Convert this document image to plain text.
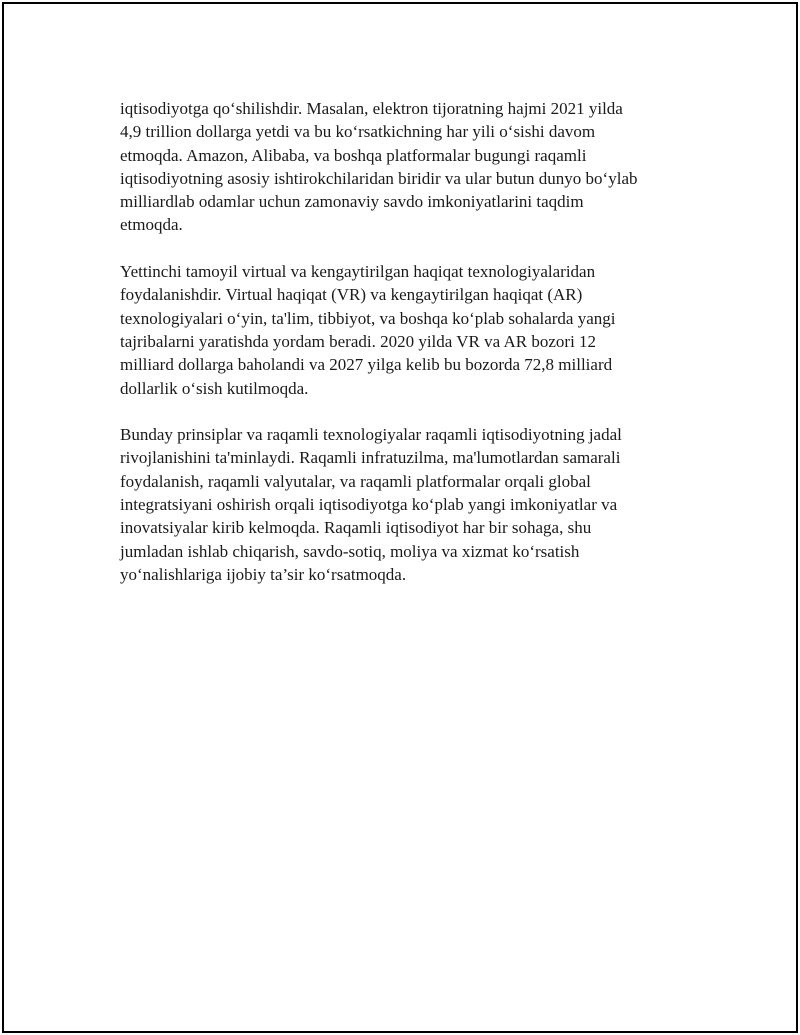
iqtisodiyotga qo‘shilishdir. Masalan, elektron tijoratning hajmi 2021 yilda
4,9 trillion dollarga yetdi va bu ko‘rsatkichning har yili o‘sishi davom
etmoqda. Amazon, Alibaba, va boshqa platformalar bugungi raqamli
iqtisodiyotning asosiy ishtirokchilaridan biridir va ular butun dunyo bo‘ylab
milliardlab odamlar uchun zamonaviy savdo imkoniyatlarini taqdim
etmoqda.

Yettinchi tamoyil virtual va kengaytirilgan haqiqat texnologiyalaridan
foydalanishdir. Virtual haqiqat (VR) va kengaytirilgan haqiqat (AR)
texnologiyalari o‘yin, ta'lim, tibbiyot, va boshqa ko‘plab sohalarda yangi
tajribalarni yaratishda yordam beradi. 2020 yilda VR va AR bozori 12
milliard dollarga baholandi va 2027 yilga kelib bu bozorda 72,8 milliard
dollarlik o‘sish kutilmoqda.

Bunday prinsiplar va raqamli texnologiyalar raqamli iqtisodiyotning jadal
rivojlanishini ta'minlaydi. Raqamli infratuzilma, ma'lumotlardan samarali
foydalanish, raqamli valyutalar, va raqamli platformalar orqali global
integratsiyani oshirish orqali iqtisodiyotga ko‘plab yangi imkoniyatlar va
inovatsiyalar kirib kelmoqda. Raqamli iqtisodiyot har bir sohaga, shu
jumladan ishlab chiqarish, savdo-sotiq, moliya va xizmat ko‘rsatish
yo‘nalishlariga ijobiy ta’sir ko‘rsatmoqda.
